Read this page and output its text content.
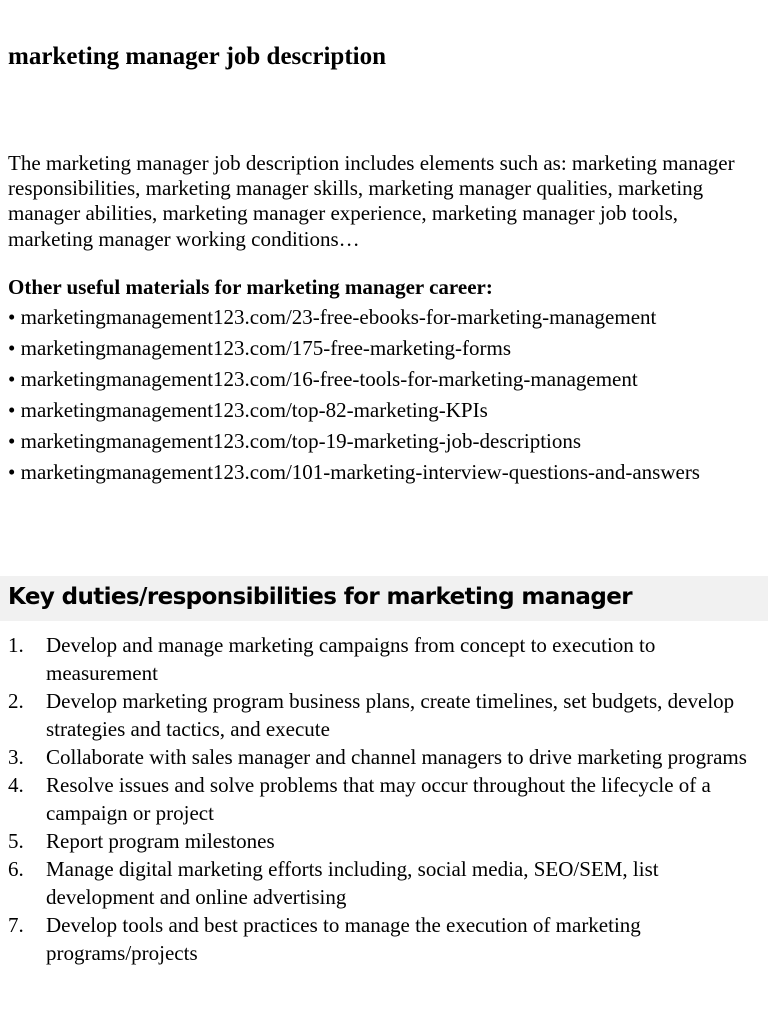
marketing manager job description

The marketing manager job description includes elements such as: marketing manager responsibilities, marketing manager skills, marketing manager qualities, marketing manager abilities, marketing manager experience, marketing manager job tools, marketing manager working conditions…

Other useful materials for marketing manager career:
• marketingmanagement123.com/23-free-ebooks-for-marketing-management
• marketingmanagement123.com/175-free-marketing-forms
• marketingmanagement123.com/16-free-tools-for-marketing-management
• marketingmanagement123.com/top-82-marketing-KPIs
• marketingmanagement123.com/top-19-marketing-job-descriptions
• marketingmanagement123.com/101-marketing-interview-questions-and-answers
Key duties/responsibilities for marketing manager
1. Develop and manage marketing campaigns from concept to execution to measurement
2. Develop marketing program business plans, create timelines, set budgets, develop strategies and tactics, and execute
3. Collaborate with sales manager and channel managers to drive marketing programs
4. Resolve issues and solve problems that may occur throughout the lifecycle of a campaign or project
5. Report program milestones
6. Manage digital marketing efforts including, social media, SEO/SEM, list development and online advertising
7. Develop tools and best practices to manage the execution of marketing programs/projects
